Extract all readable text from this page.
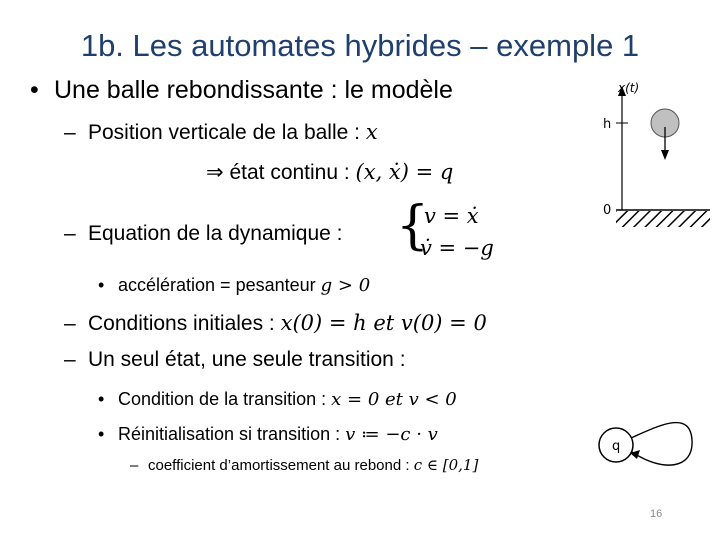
1b. Les automates hybrides – exemple 1
• Une balle rebondissante : le modèle
– Position verticale de la balle : x
⇒ état continu : (x, ẋ) = q
– Equation de la dynamique : {
v = ẋ
v̇ = −g
• accélération = pesanteur g > 0
– Conditions initiales : x(0) = h et v(0) = 0
– Un seul état, une seule transition :
• Condition de la transition : x = 0 et v < 0
• Réinitialisation si transition : v ≔ −c · v
– coefficient d’amortissement au rebond : c ∈ [0,1]
x(t)
h
0
q
16
